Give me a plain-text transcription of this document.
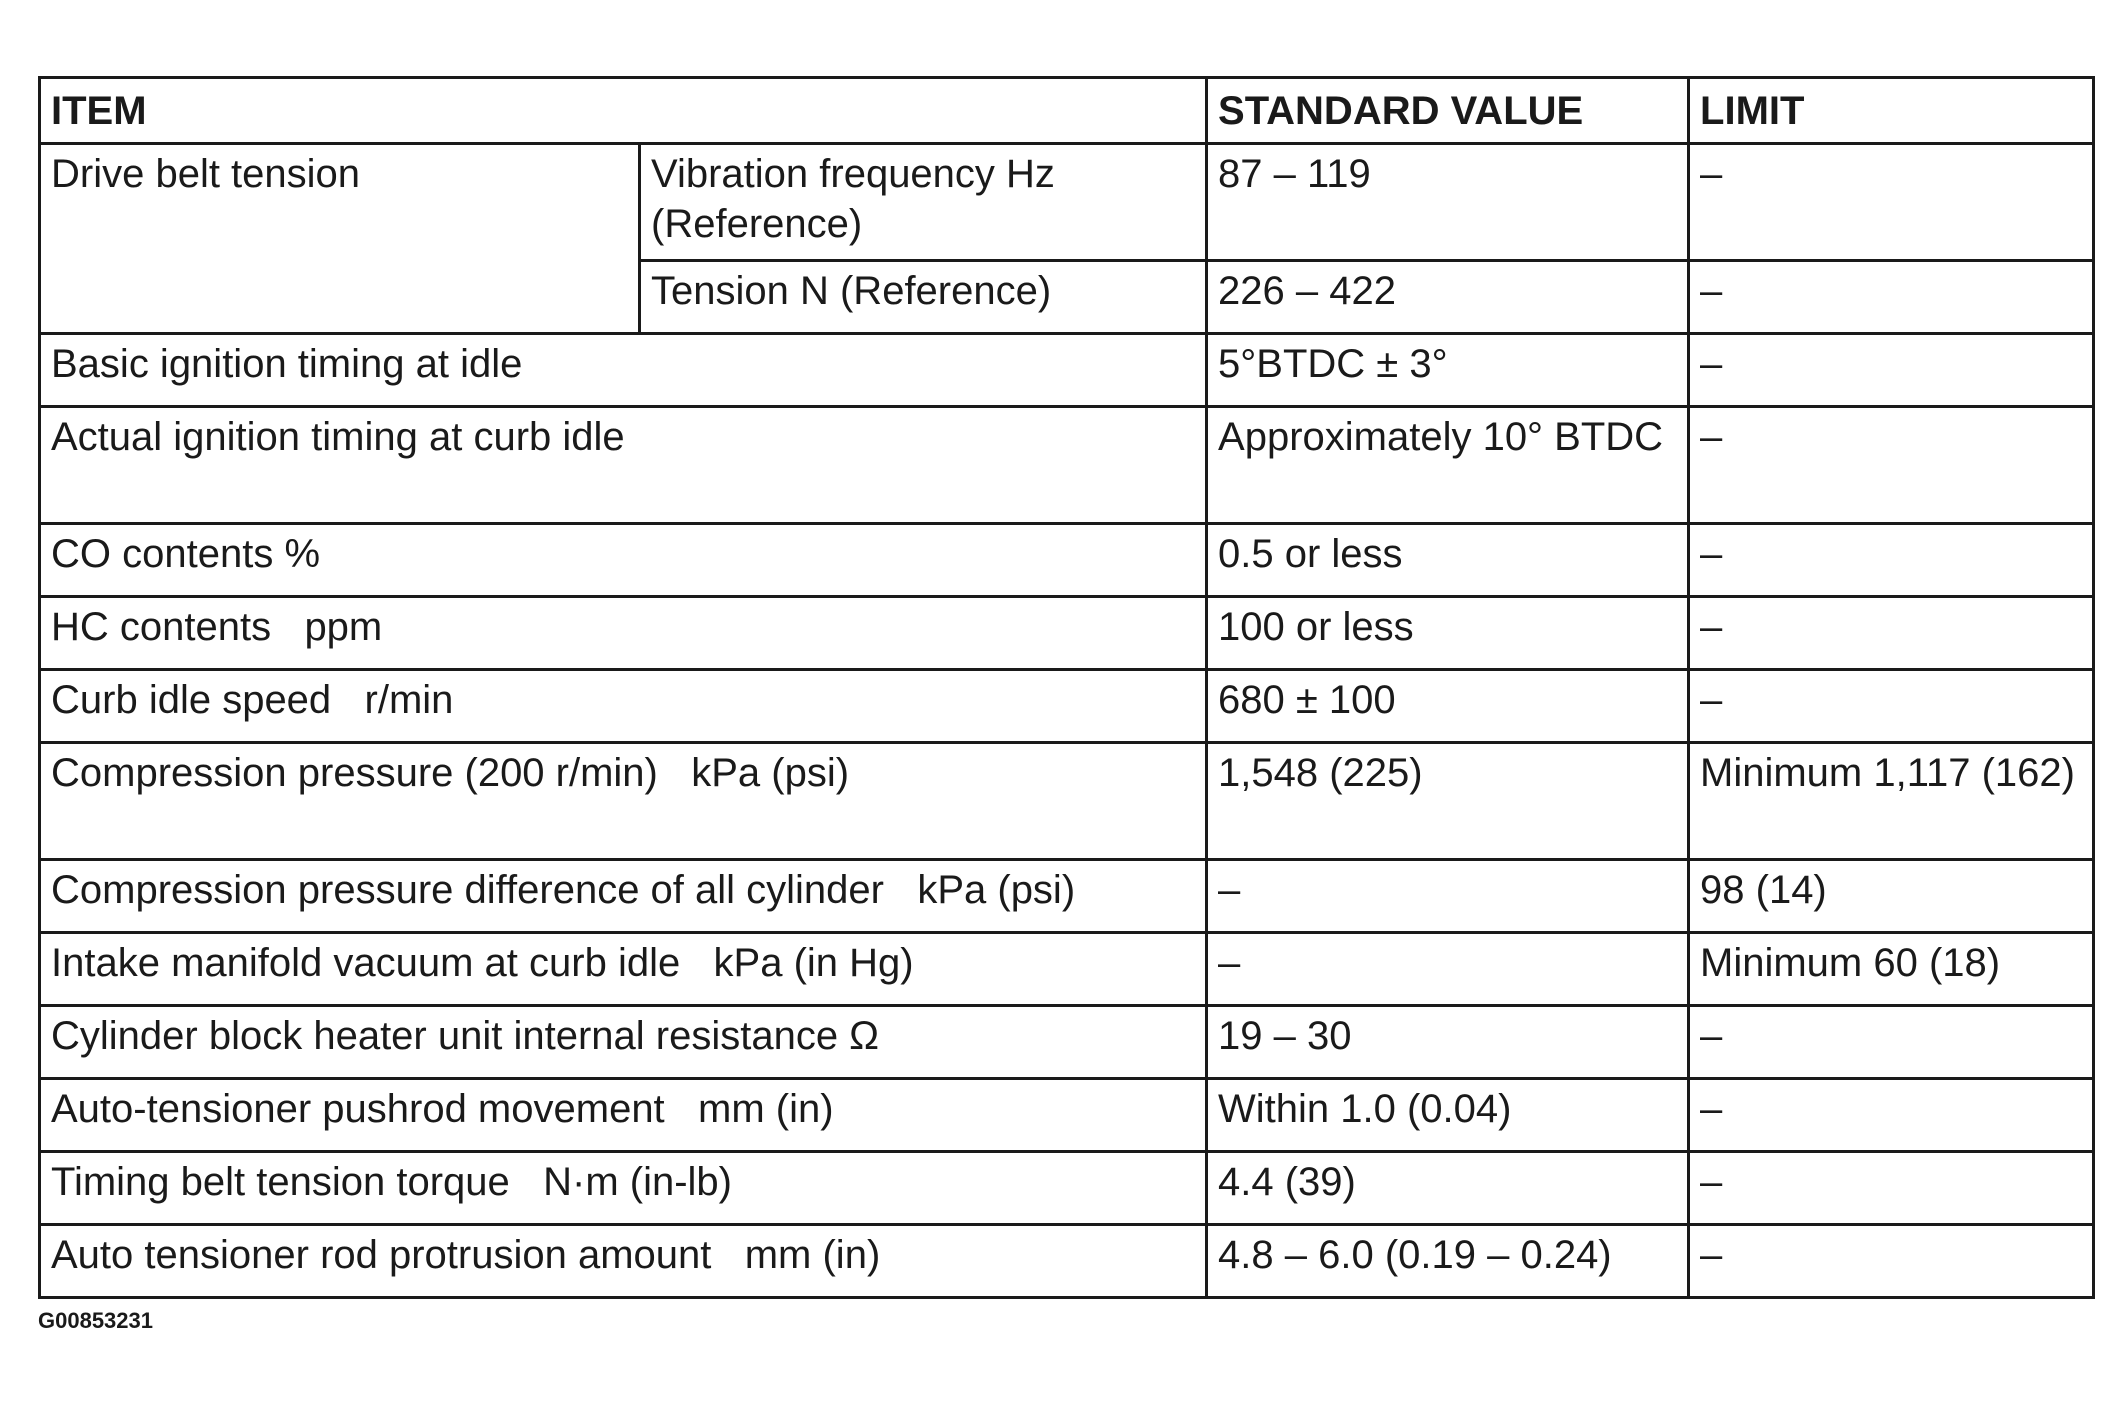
ITEM		STANDARD VALUE	LIMIT
Drive belt tension	Vibration frequency Hz (Reference)	87 – 119	–
	Tension N (Reference)	226 – 422	–
Basic ignition timing at idle		5°BTDC ± 3°	–
Actual ignition timing at curb idle		Approximately 10° BTDC	–
CO contents %		0.5 or less	–
HC contents   ppm		100 or less	–
Curb idle speed   r/min		680 ± 100	–
Compression pressure (200 r/min)   kPa (psi)		1,548 (225)	Minimum 1,117 (162)
Compression pressure difference of all cylinder   kPa (psi)		–	98 (14)
Intake manifold vacuum at curb idle   kPa (in Hg)		–	Minimum 60 (18)
Cylinder block heater unit internal resistance Ω		19 – 30	–
Auto-tensioner pushrod movement   mm (in)		Within 1.0 (0.04)	–
Timing belt tension torque   N·m (in-lb)		4.4 (39)	–
Auto tensioner rod protrusion amount   mm (in)		4.8 – 6.0 (0.19 – 0.24)	–
G00853231
